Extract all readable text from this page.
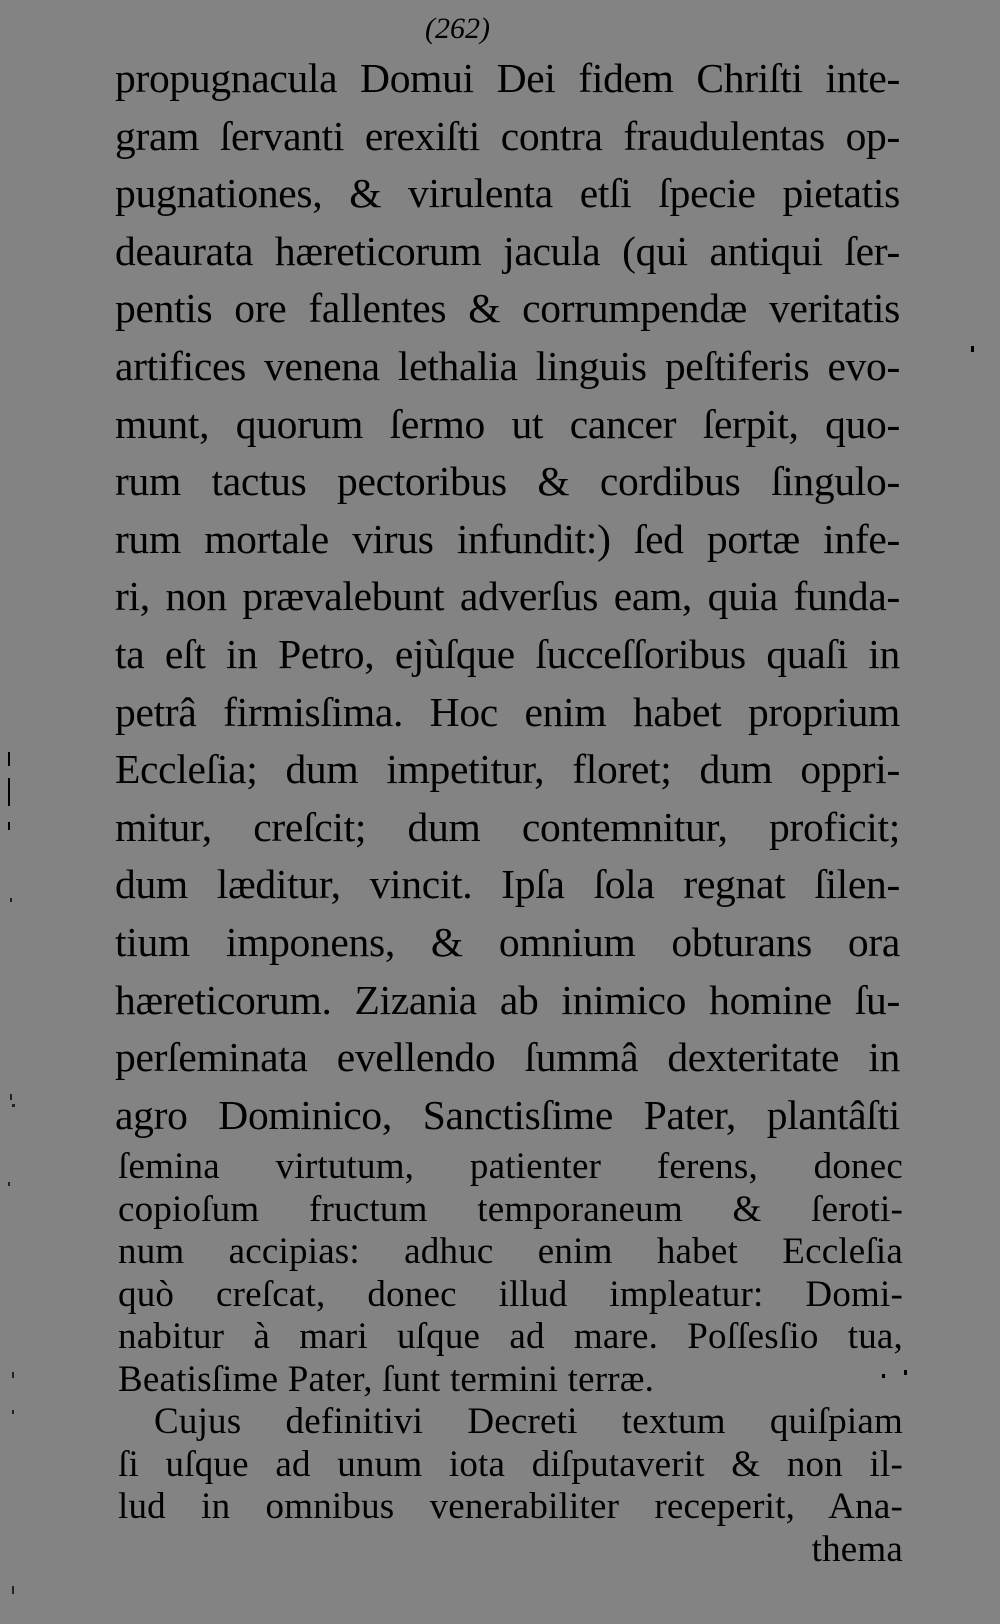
(262)
propugnacula Domui Dei fidem Chriſti inte-
gram ſervanti erexiſti contra fraudulentas op-
pugnationes, & virulenta etſi ſpecie pietatis
deaurata hæreticorum jacula (qui antiqui ſer-
pentis ore fallentes & corrumpendæ veritatis
artifices venena lethalia linguis peſtiferis evo-
munt, quorum ſermo ut cancer ſerpit, quo-
rum tactus pectoribus & cordibus ſingulo-
rum mortale virus infundit:) ſed portæ infe-
ri, non prævalebunt adverſus eam, quia funda-
ta eſt in Petro, ejùſque ſucceſſoribus quaſi in
petrâ firmisſima. Hoc enim habet proprium
Eccleſia; dum impetitur, floret; dum oppri-
mitur, creſcit; dum contemnitur, proficit;
dum læditur, vincit. Ipſa ſola regnat ſilen-
tium imponens, & omnium obturans ora
hæreticorum. Zizania ab inimico homine ſu-
perſeminata evellendo ſummâ dexteritate in
agro Dominico, Sanctisſime Pater, plantâſti
ſemina virtutum, patienter ferens, donec
copioſum fructum temporaneum & ſeroti-
num accipias: adhuc enim habet Eccleſia
quò creſcat, donec illud impleatur: Domi-
nabitur à mari uſque ad mare. Poſſesſio tua,
Beatisſime Pater, ſunt termini terræ.
Cujus definitivi Decreti textum quiſpiam
ſi uſque ad unum iota diſputaverit & non il-
lud in omnibus venerabiliter receperit, Ana-
thema
